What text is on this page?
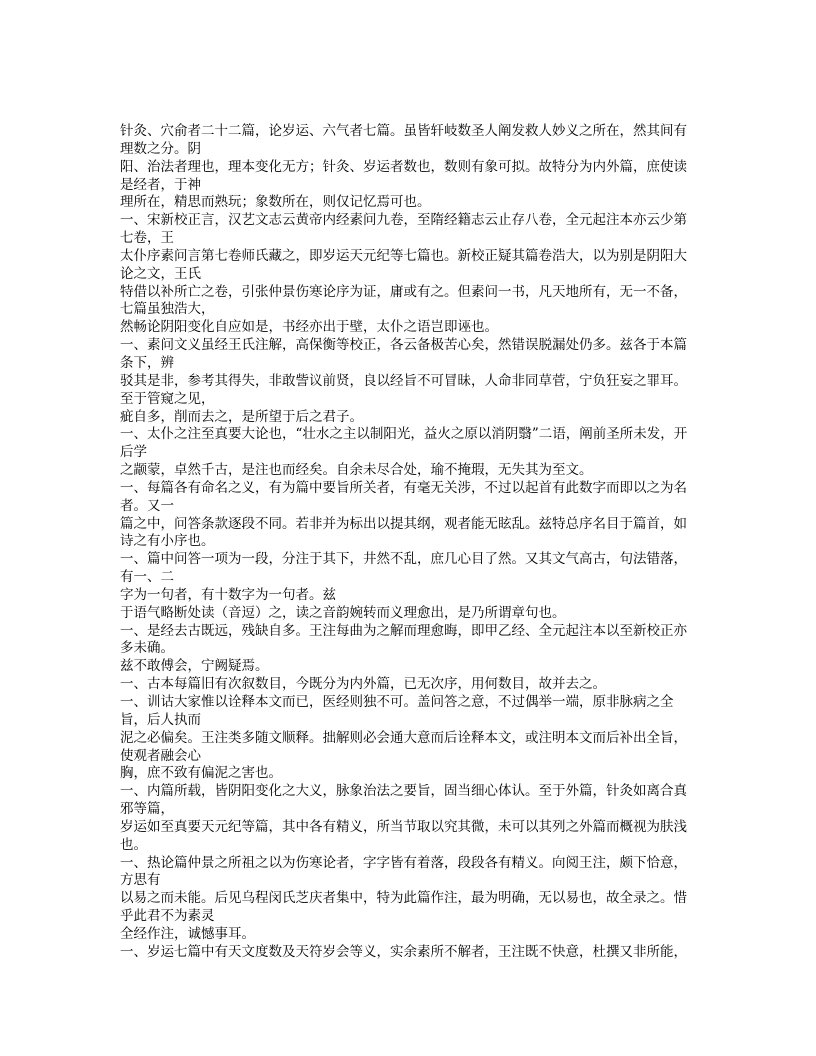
针灸、穴俞者二十二篇，论岁运、六气者七篇。虽皆轩岐数圣人阐发救人妙义之所在，然其间有理数之分。阴
阳、治法者理也，理本变化无方；针灸、岁运者数也，数则有象可拟。故特分为内外篇，庶使读是经者，于神
理所在，精思而熟玩；象数所在，则仅记忆焉可也。
一、宋新校正言，汉艺文志云黄帝内经素问九卷，至隋经籍志云止存八卷，全元起注本亦云少第七卷，王
太仆序素问言第七卷师氏藏之，即岁运天元纪等七篇也。新校正疑其篇卷浩大，以为别是阴阳大论之文，王氏
特借以补所亡之卷，引张仲景伤寒论序为证，庸或有之。但素问一书，凡天地所有，无一不备，七篇虽独浩大，
然畅论阴阳变化自应如是，书经亦出于壁，太仆之语岂即诬也。
一、素问文义虽经王氏注解，高保衡等校正，各云备极苦心矣，然错误脱漏处仍多。兹各于本篇条下，辨
驳其是非，参考其得失，非敢訾议前贤，良以经旨不可冒昧，人命非同草菅，宁负狂妄之罪耳。至于管窥之见，
疵自多，削而去之，是所望于后之君子。
一、太仆之注至真要大论也，“壮水之主以制阳光，益火之原以消阴翳”二语，阐前圣所未发，开后学
之颛蒙，卓然千古，是注也而经矣。自余未尽合处，瑜不掩瑕，无失其为至文。
一、每篇各有命名之义，有为篇中要旨所关者，有毫无关涉，不过以起首有此数字而即以之为名者。又一
篇之中，问答条款逐段不同。若非并为标出以提其纲，观者能无眩乱。兹特总序名目于篇首，如诗之有小序也。
一、篇中问答一项为一段，分注于其下，井然不乱，庶几心目了然。又其文气高古，句法错落，有一、二
字为一句者，有十数字为一句者。兹
于语气略断处读（音逗）之，读之音韵婉转而义理愈出，是乃所谓章句也。
一、是经去古既远，残缺自多。王注每曲为之解而理愈晦，即甲乙经、全元起注本以至新校正亦多未确。
兹不敢傅会，宁阙疑焉。
一、古本每篇旧有次叙数目，今既分为内外篇，已无次序，用何数目，故并去之。
一、训诂大家惟以诠释本文而已，医经则独不可。盖问答之意，不过偶举一端，原非脉病之全旨，后人执而
泥之必偏矣。王注类多随文顺释。拙解则必会通大意而后诠释本文，或注明本文而后补出全旨，使观者融会心
胸，庶不致有偏泥之害也。
一、内篇所载，皆阴阳变化之大义，脉象治法之要旨，固当细心体认。至于外篇，针灸如离合真邪等篇，
岁运如至真要天元纪等篇，其中各有精义，所当节取以究其微，未可以其列之外篇而概视为肤浅也。
一、热论篇仲景之所祖之以为伤寒论者，字字皆有着落，段段各有精义。向阅王注，颇下恰意，方思有
以易之而未能。后见乌程闵氏芝庆者集中，特为此篇作注，最为明确，无以易也，故全录之。惜乎此君不为素灵
全经作注，诚憾事耳。
一、岁运七篇中有天文度数及天符岁会等义，实余素所不解者，王注既不快意，杜撰又非所能，
